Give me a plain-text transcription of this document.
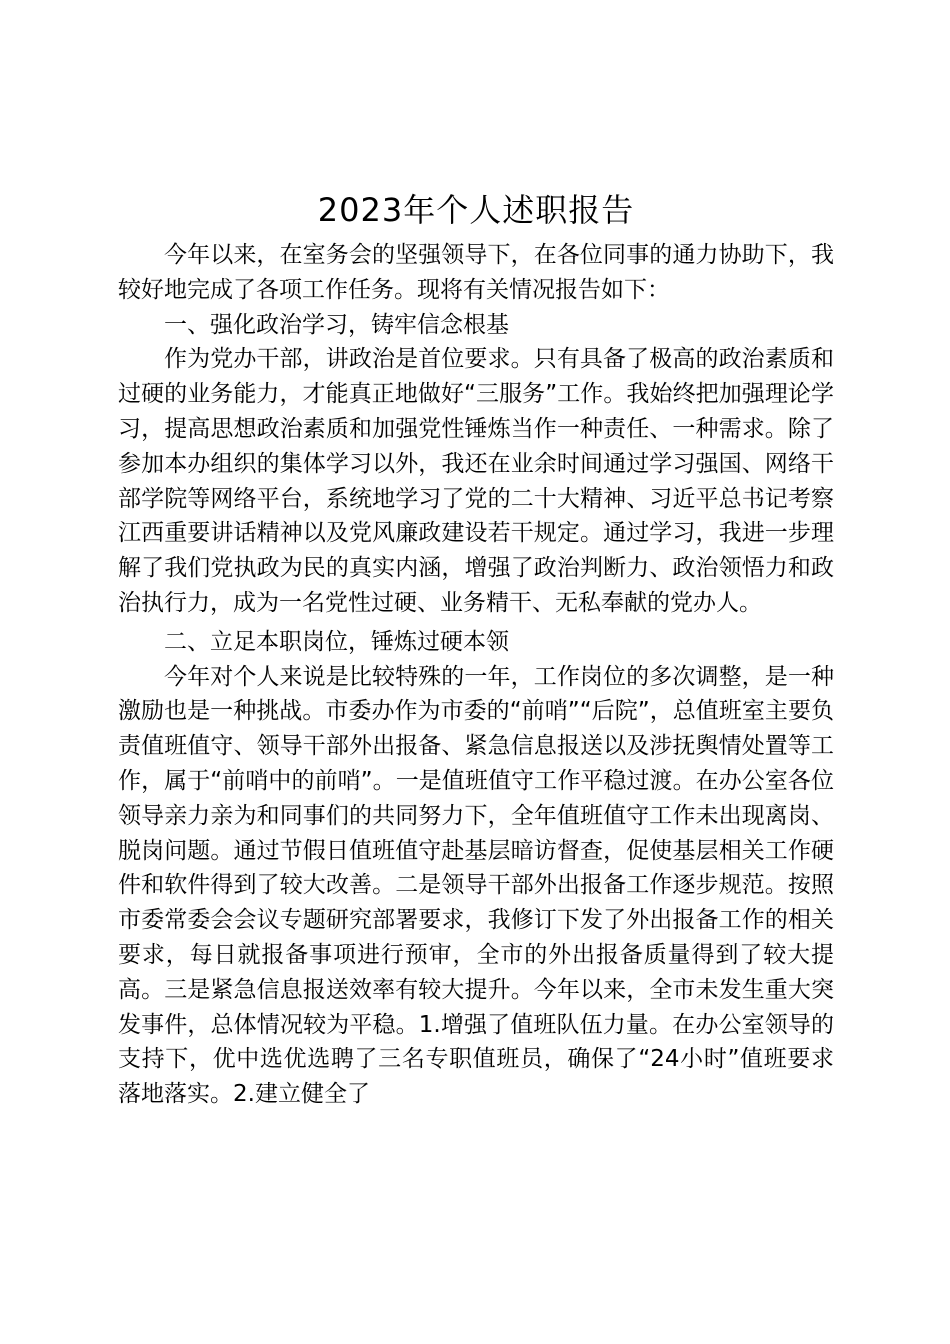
2023年个人述职报告

今年以来，在室务会的坚强领导下，在各位同事的通力协助下，我较好地完成了各项工作任务。现将有关情况报告如下：

一、强化政治学习，铸牢信念根基

作为党办干部，讲政治是首位要求。只有具备了极高的政治素质和过硬的业务能力，才能真正地做好“三服务”工作。我始终把加强理论学习，提高思想政治素质和加强党性锤炼当作一种责任、一种需求。除了参加本办组织的集体学习以外，我还在业余时间通过学习强国、网络干部学院等网络平台，系统地学习了党的二十大精神、习近平总书记考察江西重要讲话精神以及党风廉政建设若干规定。通过学习，我进一步理解了我们党执政为民的真实内涵，增强了政治判断力、政治领悟力和政治执行力，成为一名党性过硬、业务精干、无私奉献的党办人。

二、立足本职岗位，锤炼过硬本领

今年对个人来说是比较特殊的一年，工作岗位的多次调整，是一种激励也是一种挑战。市委办作为市委的“前哨”“后院”，总值班室主要负责值班值守、领导干部外出报备、紧急信息报送以及涉抚舆情处置等工作，属于“前哨中的前哨”。一是值班值守工作平稳过渡。在办公室各位领导亲力亲为和同事们的共同努力下，全年值班值守工作未出现离岗、脱岗问题。通过节假日值班值守赴基层暗访督查，促使基层相关工作硬件和软件得到了较大改善。二是领导干部外出报备工作逐步规范。按照市委常委会会议专题研究部署要求，我修订下发了外出报备工作的相关要求，每日就报备事项进行预审，全市的外出报备质量得到了较大提高。三是紧急信息报送效率有较大提升。今年以来，全市未发生重大突发事件，总体情况较为平稳。1.增强了值班队伍力量。在办公室领导的支持下，优中选优选聘了三名专职值班员，确保了“24小时”值班要求落地落实。2.建立健全了
